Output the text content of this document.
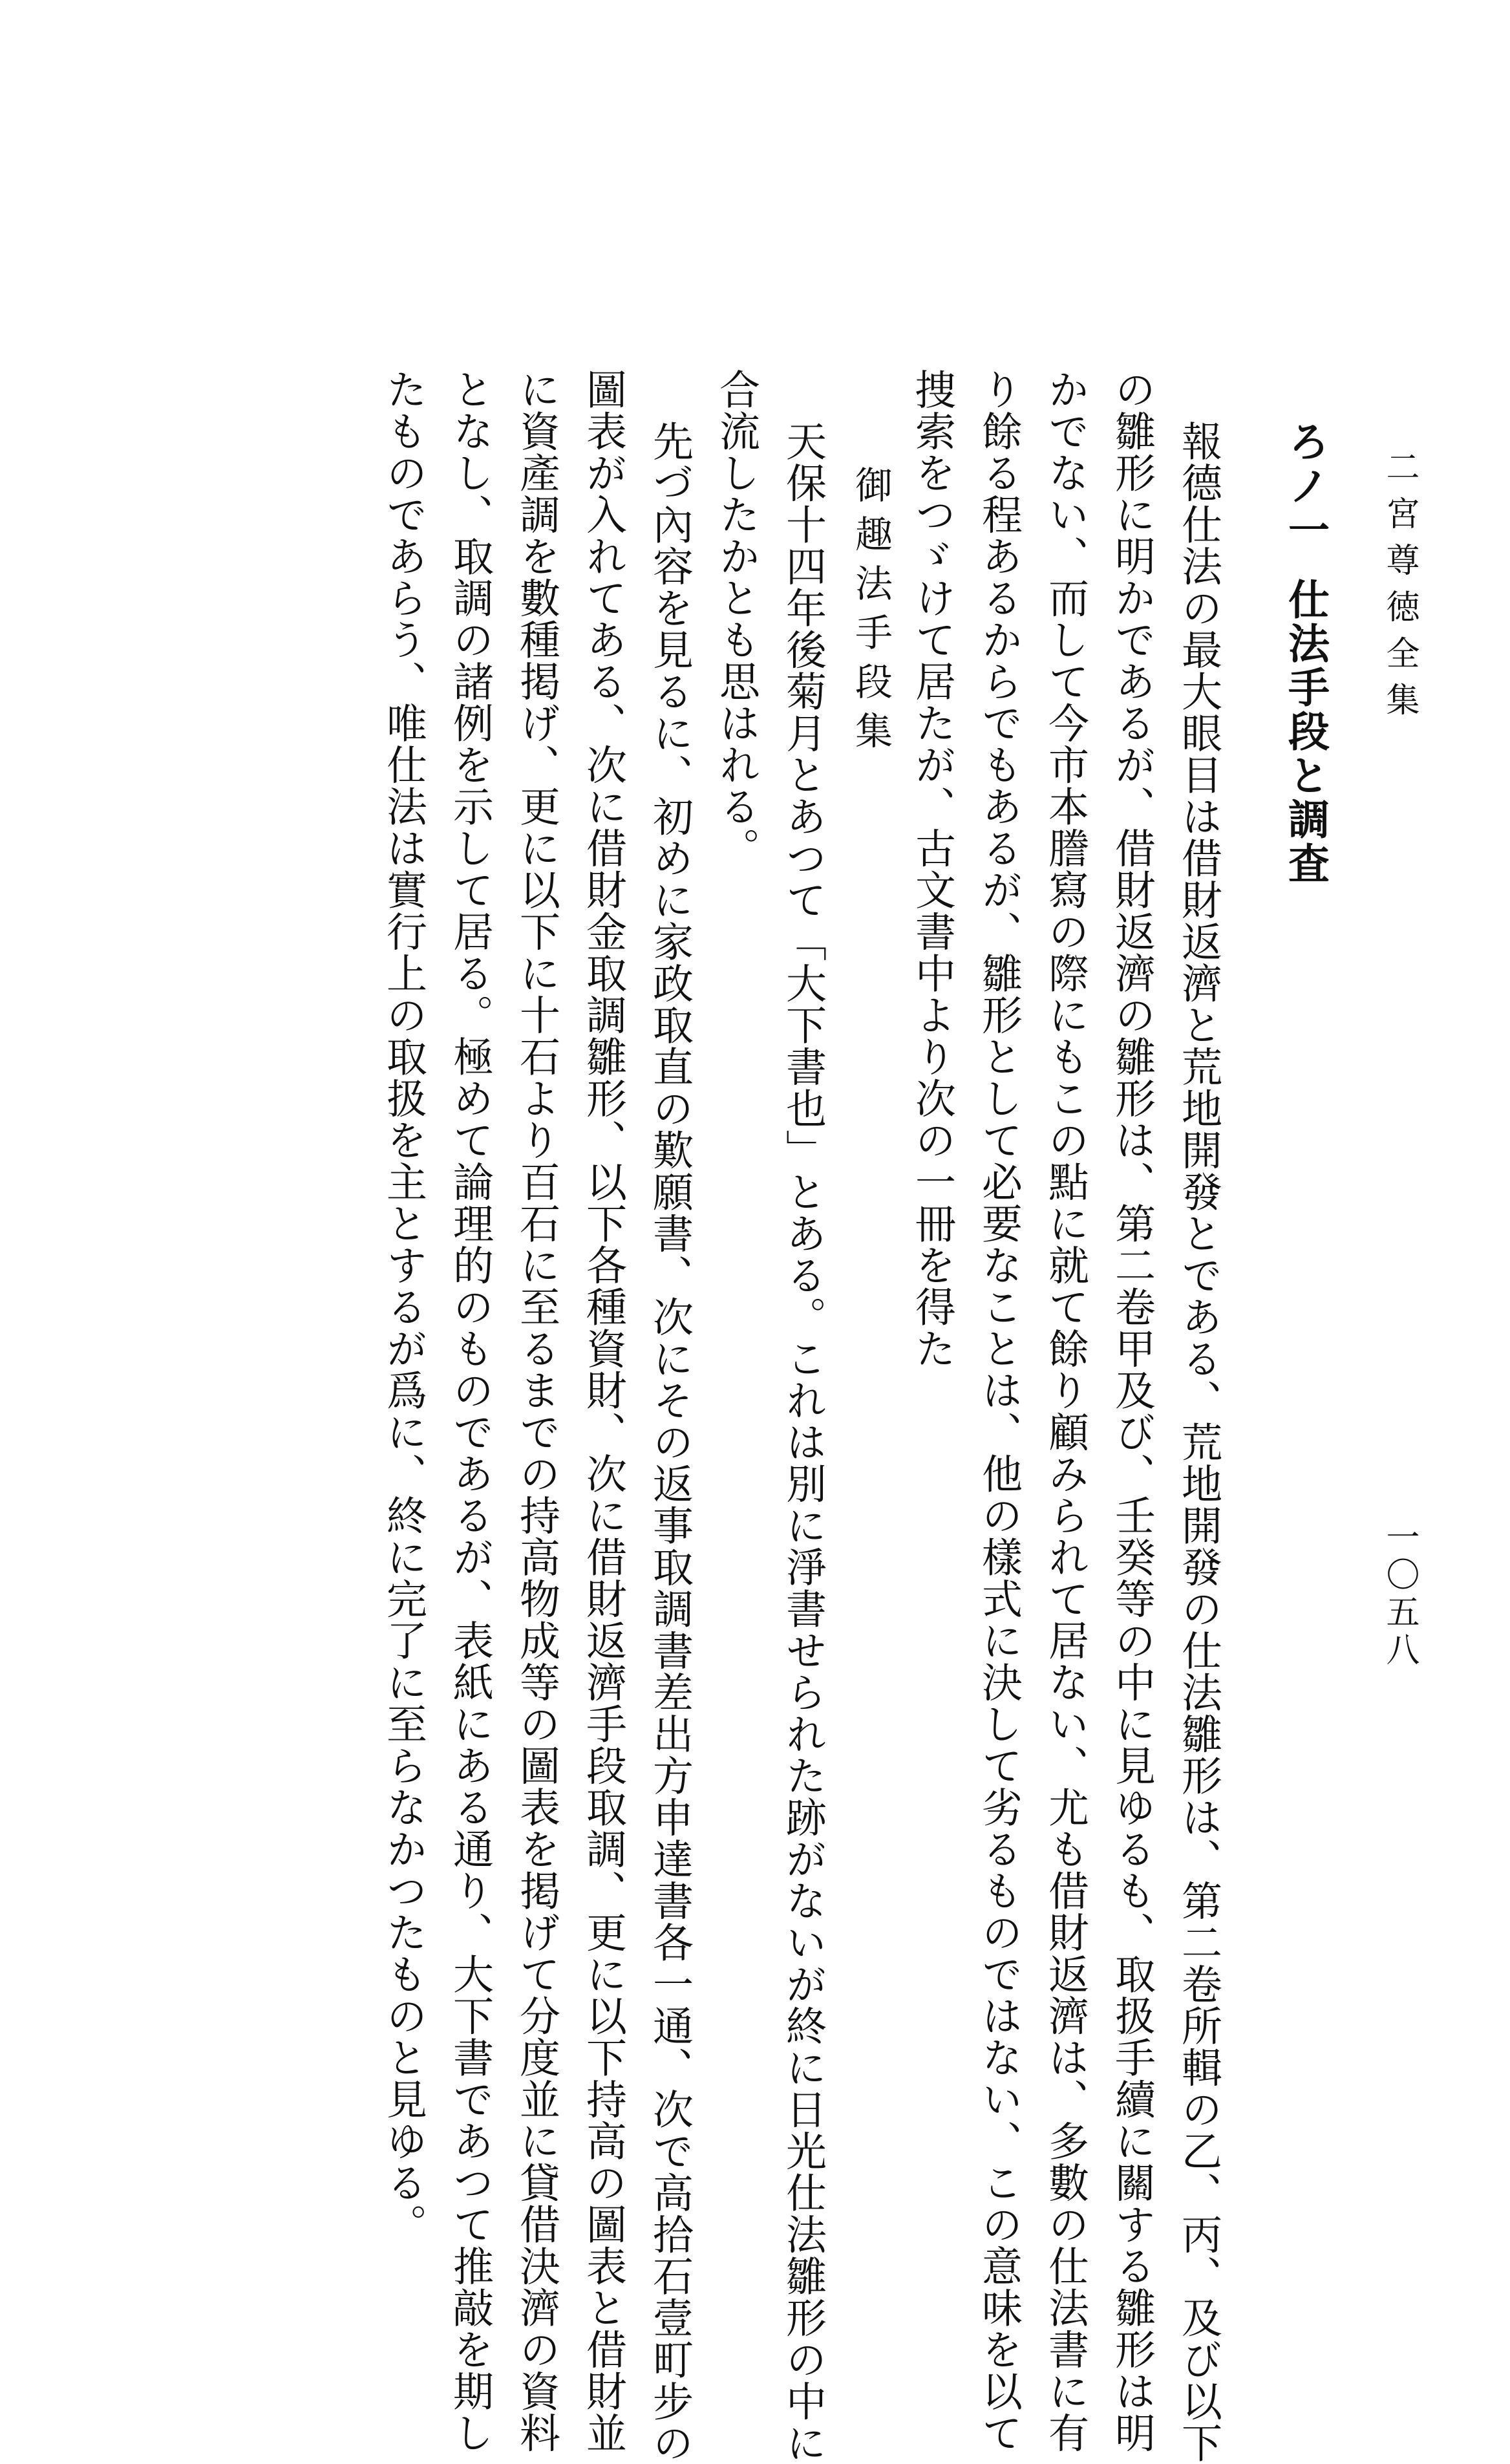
二宮尊徳全集
一〇五八
ろノ一仕法手段と調査

報德仕法の最大眼目は借財返濟と荒地開發とである、荒地開發の仕法雛形は、第二卷所輯の乙、丙、及び以下

の雛形に明かであるが、借財返濟の雛形は、第二卷甲及び、壬癸等の中に見ゆるも、取扱手續に關する雛形は明

かでない、而して今市本謄寫の際にもこの點に就て餘り顧みられて居ない、尤も借財返濟は、多數の仕法書に有

り餘る程あるからでもあるが、雛形として必要なことは、他の樣式に決して劣るものではない、この意味を以て

捜索をつゞけて居たが、古文書中より次の一冊を得た

御趣法手段集

天保十四年後菊月とあつて「大下書也」とある。これは別に淨書せられた跡がないが終に日光仕法雛形の中に

合流したかとも思はれる。

先づ內容を見るに、初めに家政取直の歎願書、次にその返事取調書差出方申達書各一通、次で高拾石壹町步の

圖表が入れてある、次に借財金取調雛形、以下各種資財、次に借財返濟手段取調、更に以下持高の圖表と借財並

に資產調を數種掲げ、更に以下に十石より百石に至るまでの持高物成等の圖表を掲げて分度並に貸借決濟の資料

となし、取調の諸例を示して居る。極めて論理的のものであるが、表紙にある通り、大下書であつて推敲を期し

たものであらう、唯仕法は實行上の取扱を主とするが爲に、終に完了に至らなかつたものと見ゆる。
